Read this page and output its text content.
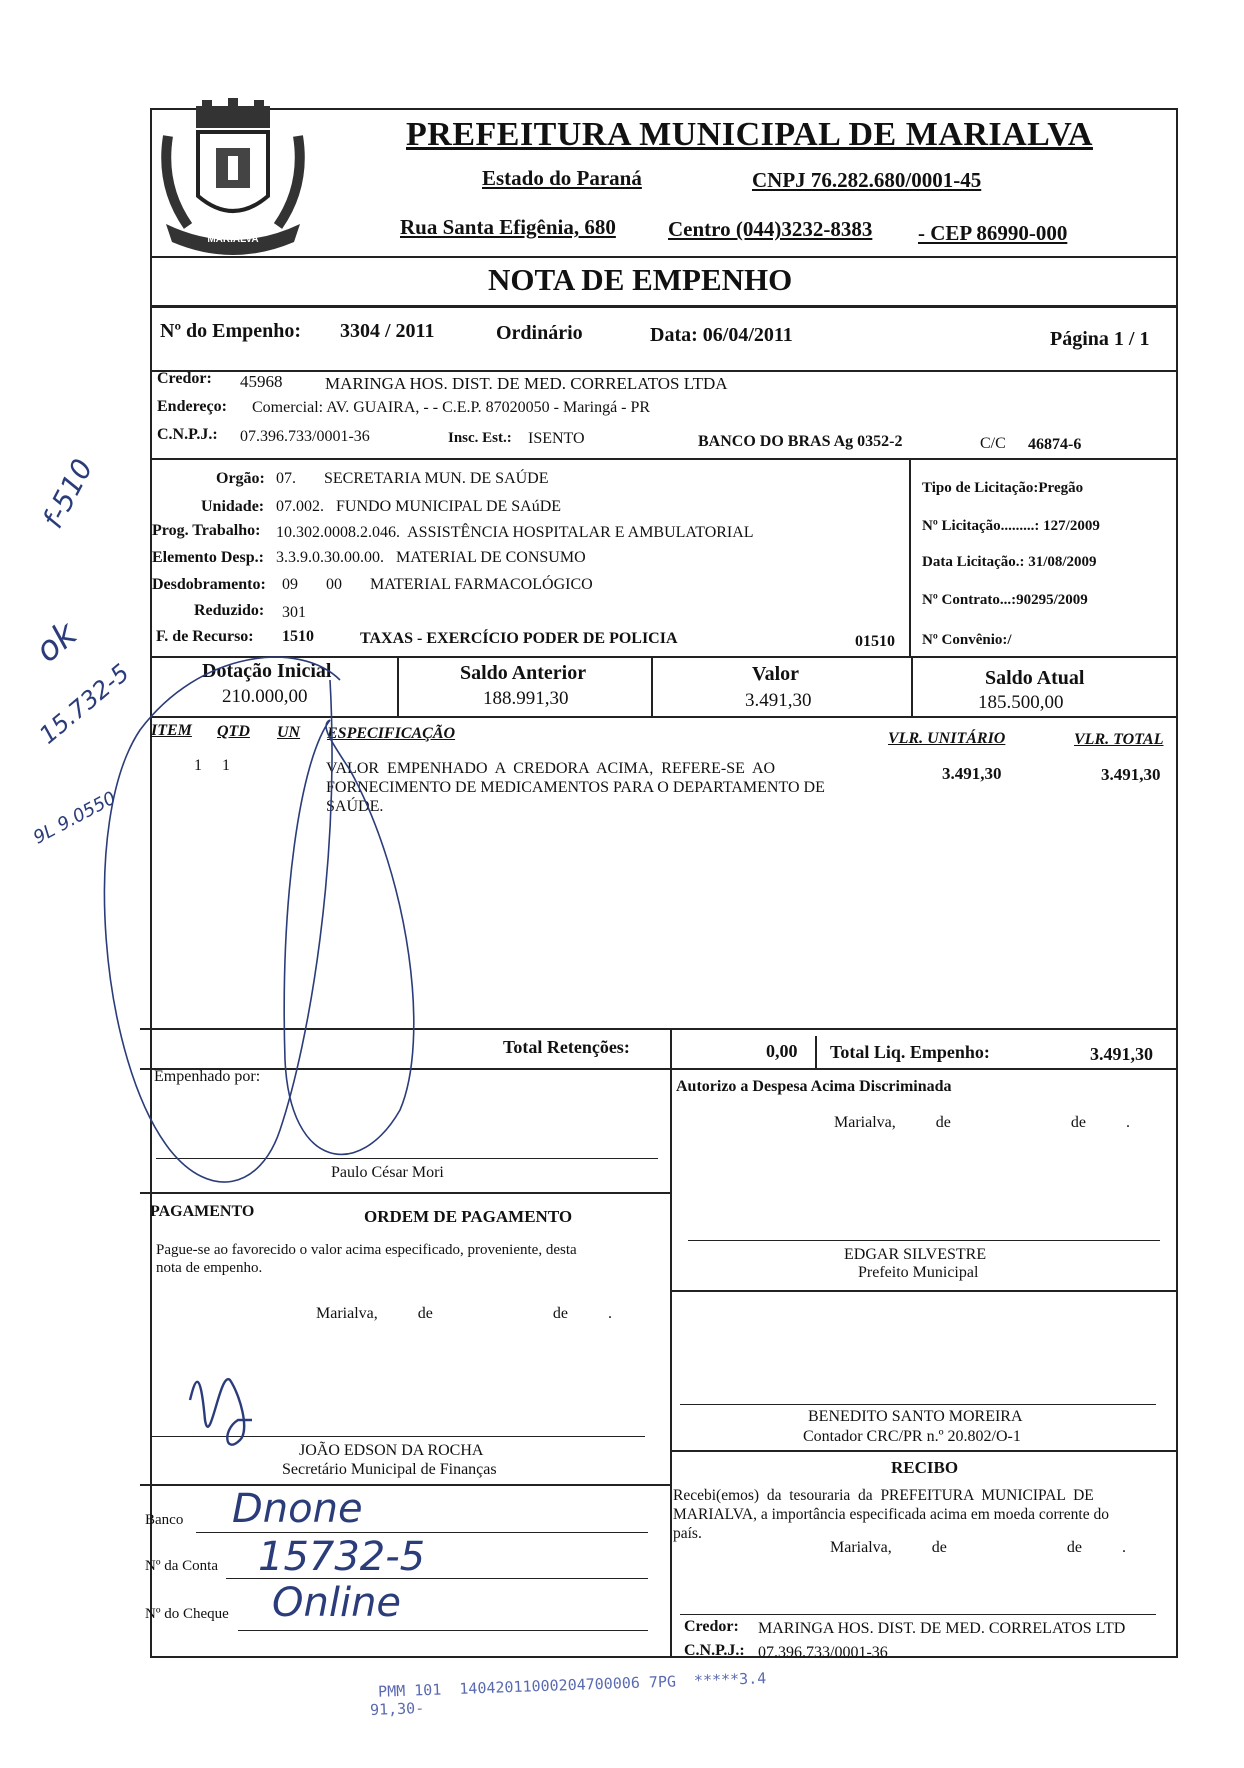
MARIALVA
PREFEITURA MUNICIPAL DE MARIALVA
Estado do Paraná	CNPJ 76.282.680/0001-45
Rua Santa Efigênia, 680 Centro (044)3232-8383 - CEP 86990-000
NOTA DE EMPENHO
Nº do Empenho: 3304 / 2011	Ordinário	Data: 06/04/2011	Página 1 / 1
Credor: 45968	MARINGA HOS. DIST. DE MED. CORRELATOS LTDA
Endereço: Comercial: AV. GUAIRA, - - C.E.P. 87020050 - Maringá - PR
C.N.P.J.: 07.396.733/0001-36	Insc. Est.: ISENTO	BANCO DO BRAS Ag 0352-2	C/C 46874-6
Orgão: 07.       SECRETARIA MUN. DE SAÚDE
Unidade: 07.002.   FUNDO MUNICIPAL DE SAúDE
Prog. Trabalho: 10.302.0008.2.046.  ASSISTÊNCIA HOSPITALAR E AMBULATORIAL
Elemento Desp.: 3.3.9.0.30.00.00.   MATERIAL DE CONSUMO
Desdobramento: 09       00       MATERIAL FARMACOLÓGICO
Reduzido: 301
F. de Recurso: 1510	TAXAS - EXERCÍCIO PODER DE POLICIA	01510
Tipo de Licitação:Pregão
Nº Licitação.........: 127/2009
Data Licitação.: 31/08/2009
Nº Contrato...:90295/2009
Nº Convênio:/
Dotação Inicial
210.000,00
Saldo Anterior
188.991,30
Valor
3.491,30
Saldo Atual
185.500,00
ITEM QTD UN ESPECIFICAÇÃO	VLR. UNITÁRIO	VLR. TOTAL
1 1	VALOR  EMPENHADO  A  CREDORA  ACIMA,  REFERE-SE  AO
FORNECIMENTO DE MEDICAMENTOS PARA O DEPARTAMENTO DE
SAÚDE.
3.491,30	3.491,30
Total Retenções:	0,00 Total Liq. Empenho:	3.491,30
Empenhado por:
Paulo César Mori
Autorizo a Despesa Acima Discriminada
Marialva,          de                              de          .
EDGAR SILVESTRE
Prefeito Municipal
PAGAMENTO	ORDEM DE PAGAMENTO
Pague-se ao favorecido o valor acima especificado, proveniente, desta
nota de empenho.
Marialva,          de                              de          .
JOÃO EDSON DA ROCHA
Secretário Municipal de Finanças
BENEDITO SANTO MOREIRA
Contador CRC/PR n.º 20.802/O-1
RECIBO
Recebi(emos)  da  tesouraria  da  PREFEITURA  MUNICIPAL  DE
MARIALVA, a importância especificada acima em moeda corrente do
país.
Marialva,          de                              de          .
Credor: MARINGA HOS. DIST. DE MED. CORRELATOS LTD
C.N.P.J.: 07.396.733/0001-36
Banco Dnone
Nº da Conta 15732-5
Nº do Cheque Online
f-510
ok
15.732-5
9L 9.0550
PMM 101  14042011000204700006 7PG  *****3.4
91,30-
